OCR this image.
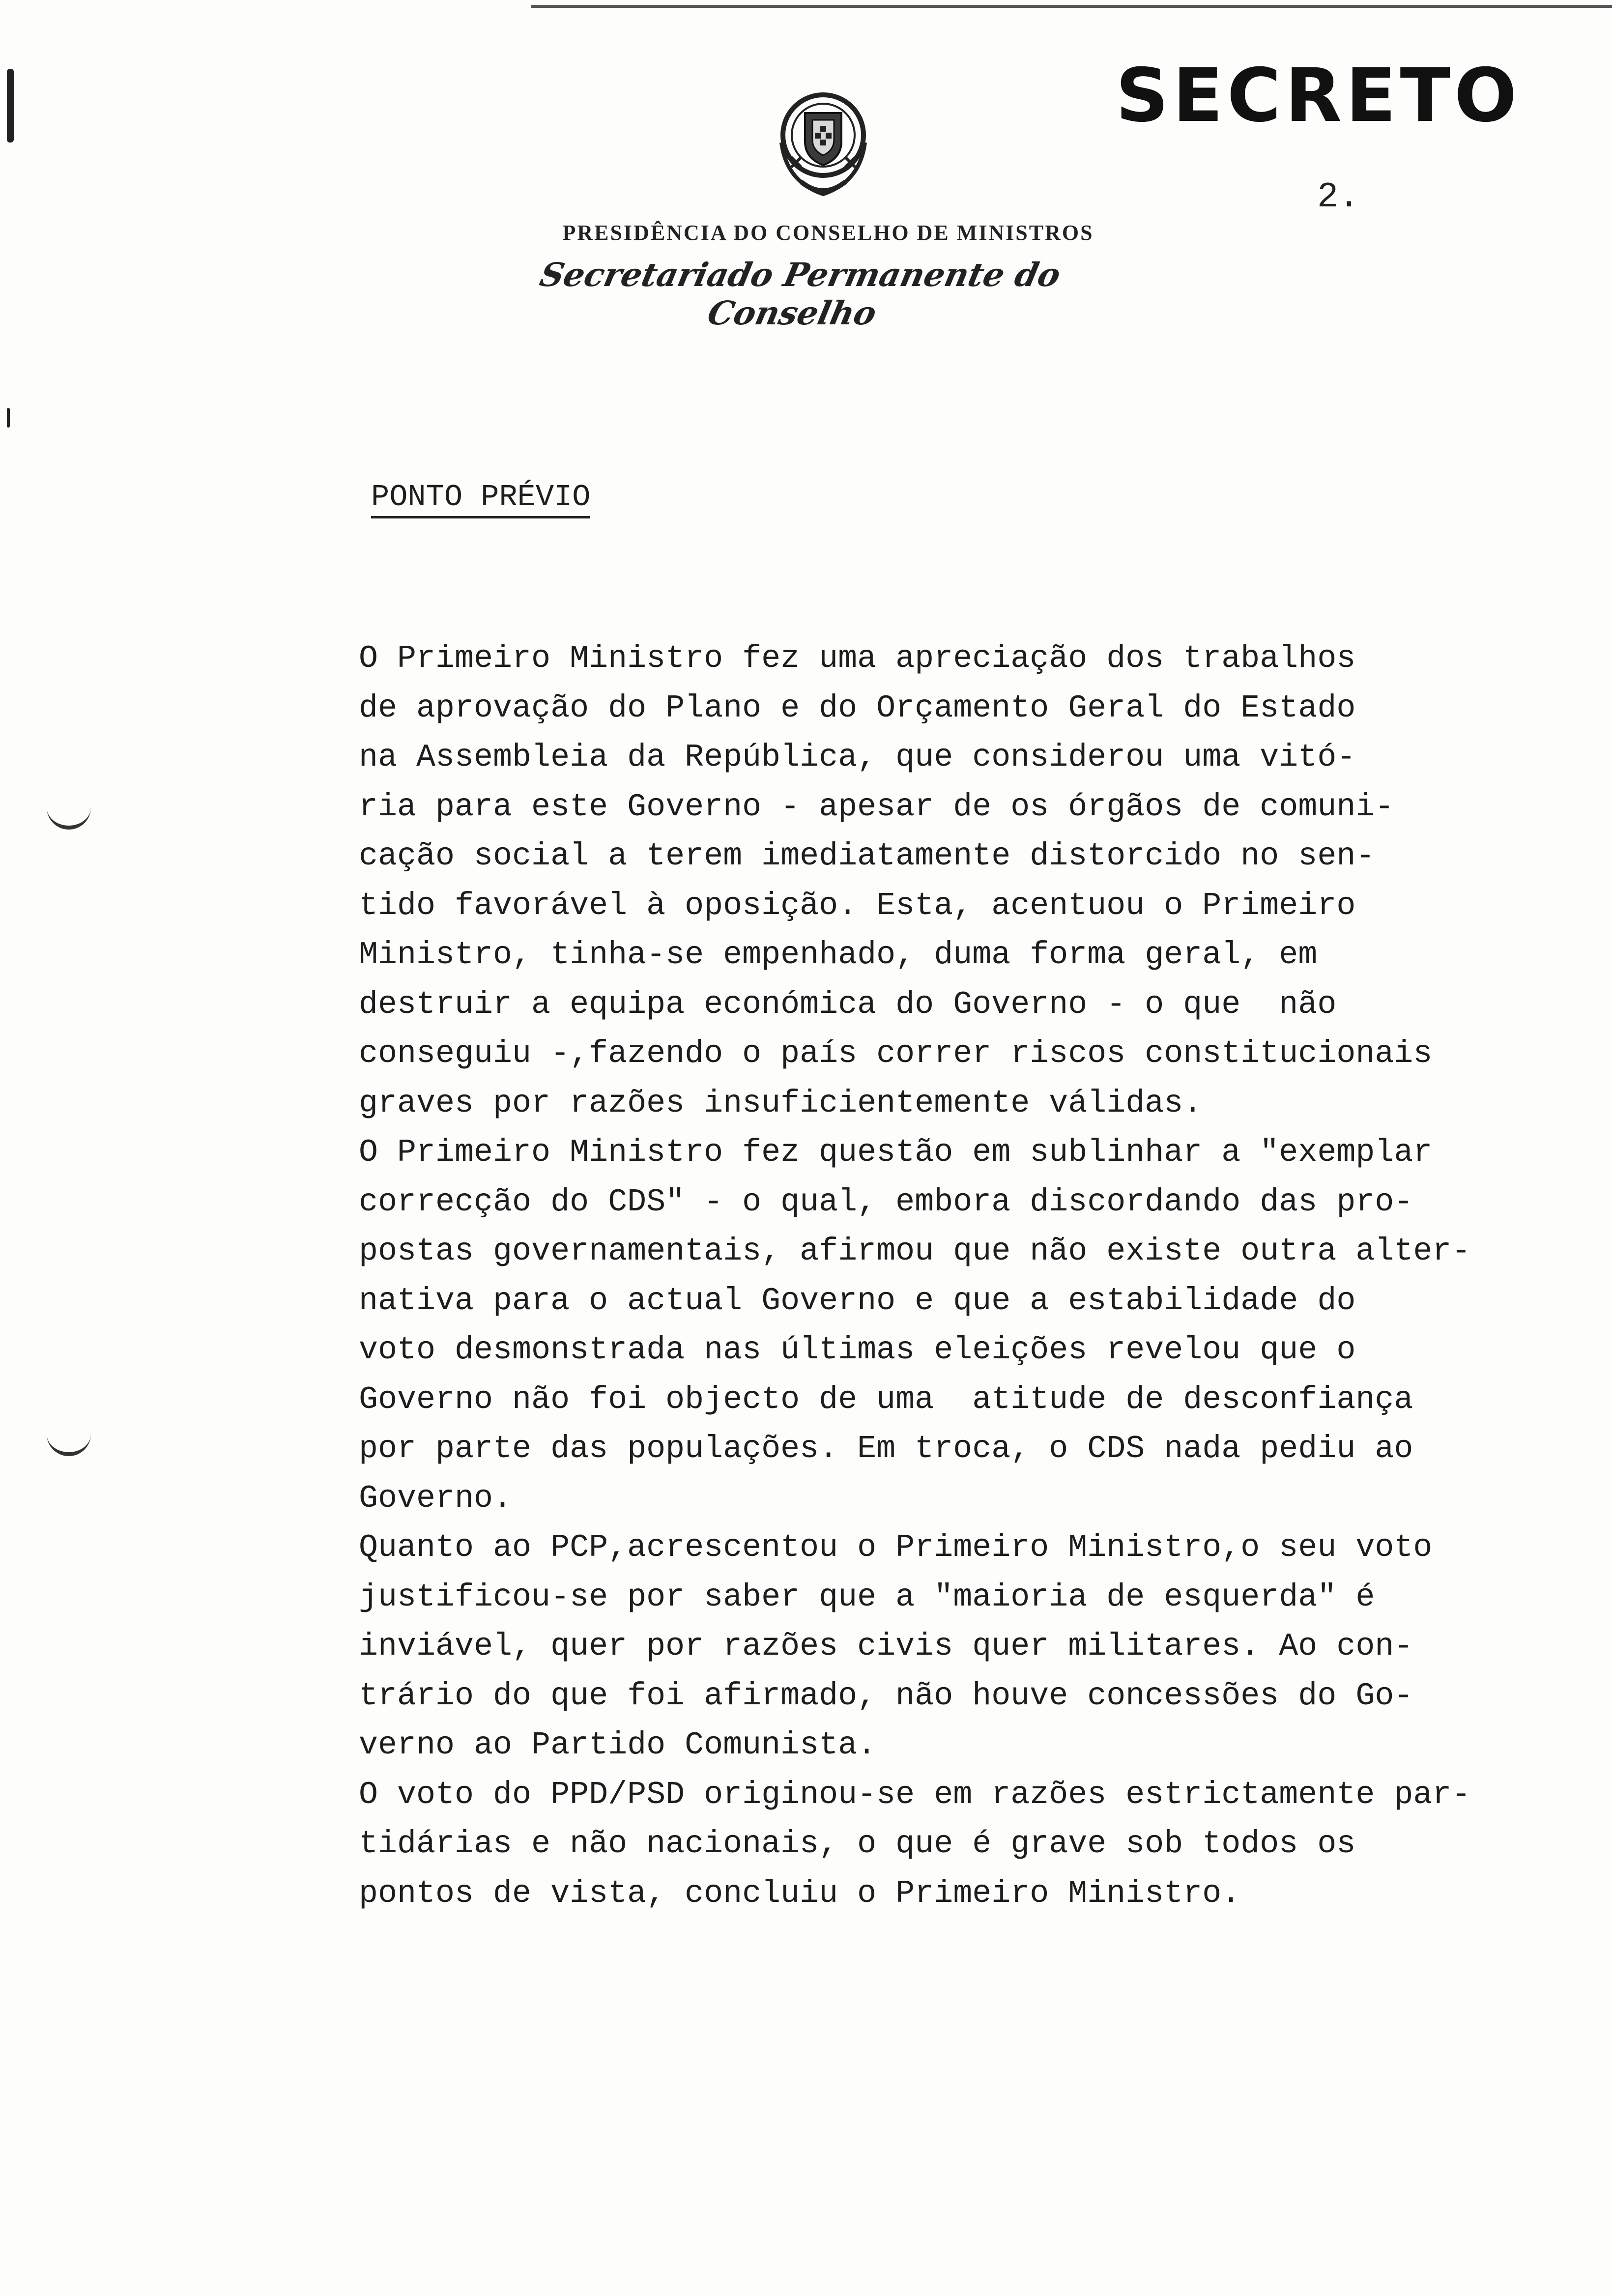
SECRETO
2.
PRESIDÊNCIA DO CONSELHO DE MINISTROS
Secretariado Permanente do Conselho
PONTO PRÉVIO
O Primeiro Ministro fez uma apreciação dos trabalhos
de aprovação do Plano e do Orçamento Geral do Estado
na Assembleia da República, que considerou uma vitó-
ria para este Governo - apesar de os órgãos de comuni-
cação social a terem imediatamente distorcido no sen-
tido favorável à oposição. Esta, acentuou o Primeiro
Ministro, tinha-se empenhado, duma forma geral, em
destruir a equipa económica do Governo - o que  não
conseguiu -,fazendo o país correr riscos constitucionais
graves por razões insuficientemente válidas.
O Primeiro Ministro fez questão em sublinhar a "exemplar
correcção do CDS" - o qual, embora discordando das pro-
postas governamentais, afirmou que não existe outra alter-
nativa para o actual Governo e que a estabilidade do
voto desmonstrada nas últimas eleições revelou que o
Governo não foi objecto de uma  atitude de desconfiança
por parte das populações. Em troca, o CDS nada pediu ao
Governo.
Quanto ao PCP,acrescentou o Primeiro Ministro,o seu voto
justificou-se por saber que a "maioria de esquerda" é
inviável, quer por razões civis quer militares. Ao con-
trário do que foi afirmado, não houve concessões do Go-
verno ao Partido Comunista.
O voto do PPD/PSD originou-se em razões estrictamente par-
tidárias e não nacionais, o que é grave sob todos os
pontos de vista, concluiu o Primeiro Ministro.
